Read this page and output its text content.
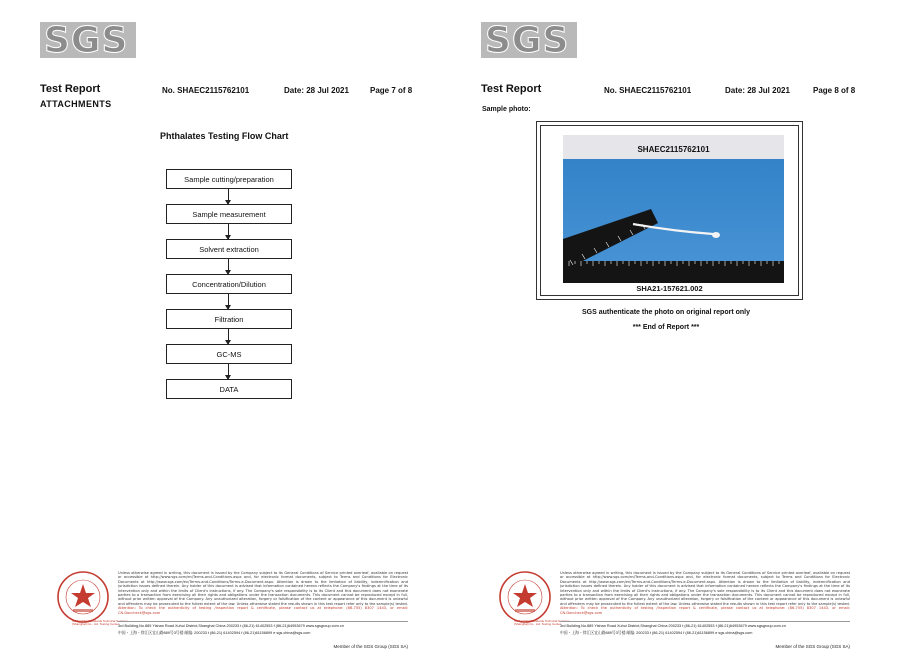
SGS
Test Report	No. SHAEC2115762101	Date: 28 Jul 2021	Page 7 of 8
ATTACHMENTS
Phthalates Testing Flow Chart
Sample cutting/preparation
Sample measurement
Solvent extraction
Concentration/Dilution
Filtration
GC-MS
DATA
SGS
Test Report	No. SHAEC2115762101	Date: 28 Jul 2021	Page 8 of 8
Sample photo:
SHAEC2115762101
SHA21-157621.002
SGS authenticate the photo on original report only
*** End of Report ***
SGS-CSTC Standards Technical Services (Shanghai) Co., Ltd. Testing Center
Unless otherwise agreed in writing, this document is issued by the Company subject to its General Conditions of Service printed overleaf, available on request or accessible at http://www.sgs.com/en/Terms-and-Conditions.aspx and, for electronic format documents, subject to Terms and Conditions for Electronic Documents at http://www.sgs.com/en/Terms-and-Conditions/Terms-e-Document.aspx. Attention is drawn to the limitation of liability, indemnification and jurisdiction issues defined therein. Any holder of this document is advised that information contained hereon reflects the Company's findings at the time of its intervention only and within the limits of Client's instructions, if any. The Company's sole responsibility is to its Client and this document does not exonerate parties to a transaction from exercising all their rights and obligations under the transaction documents. This document cannot be reproduced except in full, without prior written approval of the Company. Any unauthorized alteration, forgery or falsification of the content or appearance of this document is unlawful and offenders may be prosecuted to the fullest extent of the law. Unless otherwise stated the results shown in this test report refer only to the sample(s) tested. Attention: To check the authenticity of testing /inspection report & certificate, please contact us at telephone: (86-755) 8307 1443, or email: CN.Doccheck@sgs.com
3rd Building,No.889 Yishan Road Xuhui District,Shanghai China 200233 t (86-21) 61402553 f (86-21)64953679 www.sgsgroup.com.cn
中国・上海・徐汇区宜山路889号3号楼 邮编: 200233 t (86-21) 61402594 f (86-21)61156899 e sgs.china@sgs.com
Member of the SGS Group (SGS SA)
SGS-CSTC Standards Technical Services (Shanghai) Co., Ltd. Testing Center
Unless otherwise agreed in writing, this document is issued by the Company subject to its General Conditions of Service printed overleaf, available on request or accessible at http://www.sgs.com/en/Terms-and-Conditions.aspx and, for electronic format documents, subject to Terms and Conditions for Electronic Documents at http://www.sgs.com/en/Terms-and-Conditions/Terms-e-Document.aspx. Attention is drawn to the limitation of liability, indemnification and jurisdiction issues defined therein. Any holder of this document is advised that information contained hereon reflects the Company's findings at the time of its intervention only and within the limits of Client's instructions, if any. The Company's sole responsibility is to its Client and this document does not exonerate parties to a transaction from exercising all their rights and obligations under the transaction documents. This document cannot be reproduced except in full, without prior written approval of the Company. Any unauthorized alteration, forgery or falsification of the content or appearance of this document is unlawful and offenders may be prosecuted to the fullest extent of the law. Unless otherwise stated the results shown in this test report refer only to the sample(s) tested. Attention: To check the authenticity of testing /inspection report & certificate, please contact us at telephone: (86-755) 8307 1443, or email: CN.Doccheck@sgs.com
3rd Building,No.889 Yishan Road Xuhui District,Shanghai China 200233 t (86-21) 61402553 f (86-21)64953679 www.sgsgroup.com.cn
中国・上海・徐汇区宜山路889号3号楼 邮编: 200233 t (86-21) 61402594 f (86-21)61156899 e sgs.china@sgs.com
Member of the SGS Group (SGS SA)
